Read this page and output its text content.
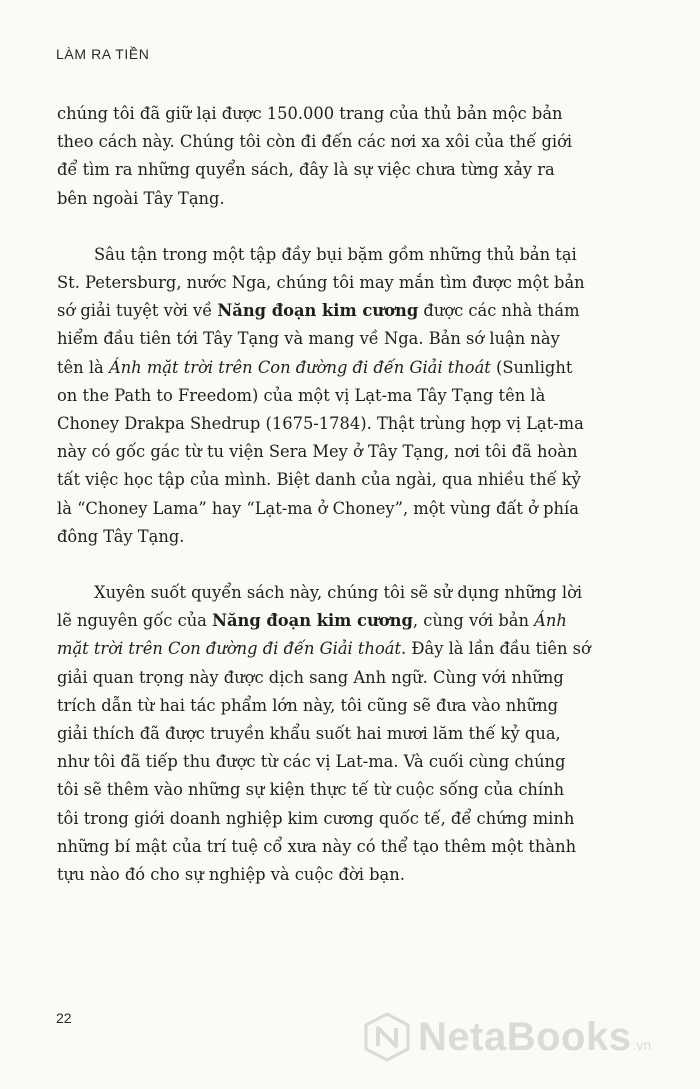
LÀM RA TIỀN
chúng tôi đã giữ lại được 150.000 trang của thủ bản mộc bản
theo cách này. Chúng tôi còn đi đến các nơi xa xôi của thế giới
để tìm ra những quyển sách, đây là sự việc chưa từng xảy ra
bên ngoài Tây Tạng.
Sâu tận trong một tập đầy bụi bặm gồm những thủ bản tại
St. Petersburg, nước Nga, chúng tôi may mắn tìm được một bản
sớ giải tuyệt vời về Năng đoạn kim cương được các nhà thám
hiểm đầu tiên tới Tây Tạng và mang về Nga. Bản sớ luận này
tên là Ánh mặt trời trên Con đường đi đến Giải thoát (Sunlight
on the Path to Freedom) của một vị Lạt-ma Tây Tạng tên là
Choney Drakpa Shedrup (1675-1784). Thật trùng hợp vị Lạt-ma
này có gốc gác từ tu viện Sera Mey ở Tây Tạng, nơi tôi đã hoàn
tất việc học tập của mình. Biệt danh của ngài, qua nhiều thế kỷ
là “Choney Lama” hay “Lạt-ma ở Choney”, một vùng đất ở phía
đông Tây Tạng.
Xuyên suốt quyển sách này, chúng tôi sẽ sử dụng những lời
lẽ nguyên gốc của Năng đoạn kim cương, cùng với bản Ánh
mặt trời trên Con đường đi đến Giải thoát. Đây là lần đầu tiên sớ
giải quan trọng này được dịch sang Anh ngữ. Cùng với những
trích dẫn từ hai tác phẩm lớn này, tôi cũng sẽ đưa vào những
giải thích đã được truyền khẩu suốt hai mươi lăm thế kỷ qua,
như tôi đã tiếp thu được từ các vị Lat-ma. Và cuối cùng chúng
tôi sẽ thêm vào những sự kiện thực tế từ cuộc sống của chính
tôi trong giới doanh nghiệp kim cương quốc tế, để chứng minh
những bí mật của trí tuệ cổ xưa này có thể tạo thêm một thành
tựu nào đó cho sự nghiệp và cuộc đời bạn.
22	NetaBooks .vn
